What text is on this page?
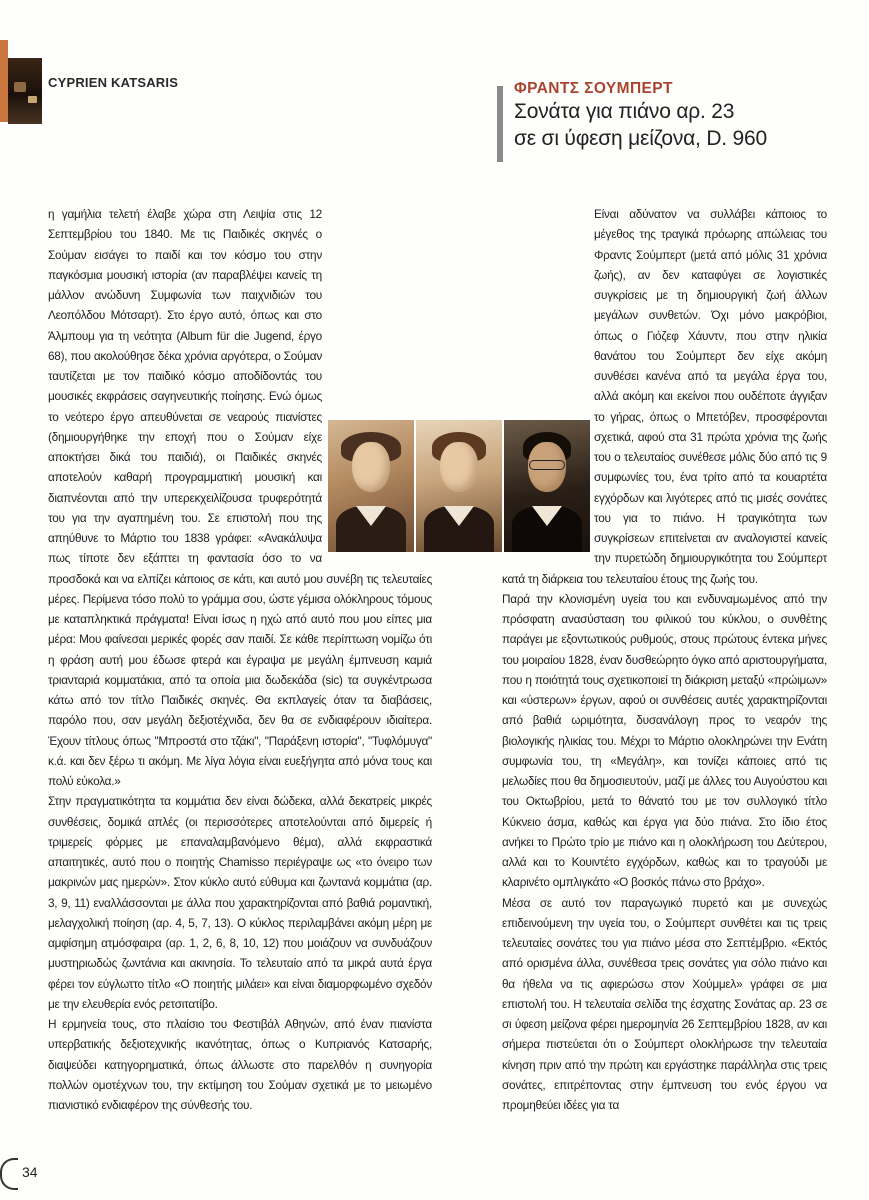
CYPRIEN KATSARIS	ΦΡΑΝΤΣ ΣΟΥΜΠΕΡΤ
Σονάτα για πιάνο αρ. 23
σε σι ύφεση μείζονα, D. 960

η γαμήλια τελετή έλαβε χώρα στη Λειψία στις 12 Σεπτεμβρίου του 1840. Με τις Παιδικές σκηνές ο Σούμαν εισάγει το παιδί και τον κόσμο του στην παγκόσμια μουσική ιστορία (αν παραβλέψει κανείς τη μάλλον ανώδυνη Συμφωνία των παιχνιδιών του Λεοπόλδου Μότσαρτ). Στο έργο αυτό, όπως και στο Άλμπουμ για τη νεότητα (Album für die Jugend, έργο 68), που ακολούθησε δέκα χρόνια αργότερα, ο Σούμαν ταυτίζεται με τον παιδικό κόσμο αποδίδοντάς του μουσικές εκφράσεις σαγηνευτικής ποίησης. Ενώ όμως το νεότερο έργο απευθύνεται σε νεαρούς πιανίστες (δημιουργήθηκε την εποχή που ο Σούμαν είχε αποκτήσει δικά του παιδιά), οι Παιδικές σκηνές αποτελούν καθαρή προγραμματική μουσική και διαπνέονται από την υπερεκχειλίζουσα τρυφερότητά του για την αγαπημένη του. Σε επιστολή που της απηύθυνε το Μάρτιο του 1838 γράφει: «Ανακάλυψα πως τίποτε δεν εξάπτει τη φαντασία όσο το να προσδοκά και να ελπίζει κάποιος σε κάτι, και αυτό μου συνέβη τις τελευταίες μέρες. Περίμενα τόσο πολύ το γράμμα σου, ώστε γέμισα ολόκληρους τόμους με καταπληκτικά πράγματα! Είναι ίσως η ηχώ από αυτό που μου είπες μια μέρα: Μου φαίνεσαι μερικές φορές σαν παιδί. Σε κάθε περίπτωση νομίζω ότι η φράση αυτή μου έδωσε φτερά και έγραψα με μεγάλη έμπνευση καμιά τριανταριά κομματάκια, από τα οποία μια δωδεκάδα (sic) τα συγκέντρωσα κάτω από τον τίτλο Παιδικές σκηνές. Θα εκπλαγείς όταν τα διαβάσεις, παρόλο που, σαν μεγάλη δεξιοτέχνιδα, δεν θα σε ενδιαφέρουν ιδιαίτερα. Έχουν τίτλους όπως "Μπροστά στο τζάκι", "Παράξενη ιστορία", "Τυφλόμυγα" κ.ά. και δεν ξέρω τι ακόμη. Με λίγα λόγια είναι ευεξήγητα από μόνα τους και πολύ εύκολα.»

Στην πραγματικότητα τα κομμάτια δεν είναι δώδεκα, αλλά δεκατρείς μικρές συνθέσεις, δομικά απλές (οι περισσότερες αποτελούνται από διμερείς ή τριμερείς φόρμες με επαναλαμβανόμενο θέμα), αλλά εκφραστικά απαιτητικές, αυτό που ο ποιητής Chamisso περιέγραψε ως «το όνειρο των μακρινών μας ημερών». Στον κύκλο αυτό εύθυμα και ζωντανά κομμάτια (αρ. 3, 9, 11) εναλλάσσονται με άλλα που χαρακτηρίζονται από βαθιά ρομαντική, μελαγχολική ποίηση (αρ. 4, 5, 7, 13). Ο κύκλος περιλαμβάνει ακόμη μέρη με αμφίσημη ατμόσφαιρα (αρ. 1, 2, 6, 8, 10, 12) που μοιάζουν να συνδυάζουν μυστηριωδώς ζωντάνια και ακινησία. Το τελευταίο από τα μικρά αυτά έργα φέρει τον εύγλωττο τίτλο «Ο ποιητής μιλάει» και είναι διαμορφωμένο σχεδόν με την ελευθερία ενός ρετσιτατίβο.

Η ερμηνεία τους, στο πλαίσιο του Φεστιβάλ Αθηνών, από έναν πιανίστα υπερβατικής δεξιοτεχνικής ικανότητας, όπως ο Κυπριανός Κατσαρής, διαψεύδει κατηγορηματικά, όπως άλλωστε στο παρελθόν η συνηγορία πολλών ομοτέχνων του, την εκτίμηση του Σούμαν σχετικά με το μειωμένο πιανιστικό ενδιαφέρον της σύνθεσής του.

Είναι αδύνατον να συλλάβει κάποιος το μέγεθος της τραγικά πρόωρης απώλειας του Φραντς Σούμπερτ (μετά από μόλις 31 χρόνια ζωής), αν δεν καταφύγει σε λογιστικές συγκρίσεις με τη δημιουργική ζωή άλλων μεγάλων συνθετών. Όχι μόνο μακρόβιοι, όπως ο Γιόζεφ Χάυντν, που στην ηλικία θανάτου του Σούμπερτ δεν είχε ακόμη συνθέσει κανένα από τα μεγάλα έργα του, αλλά ακόμη και εκείνοι που ουδέποτε άγγιξαν το γήρας, όπως ο Μπετόβεν, προσφέρονται σχετικά, αφού στα 31 πρώτα χρόνια της ζωής του ο τελευταίος συνέθεσε μόλις δύο από τις 9 συμφωνίες του, ένα τρίτο από τα κουαρτέτα εγχόρδων και λιγότερες από τις μισές σονάτες του για το πιάνο. Η τραγικότητα των συγκρίσεων επιτείνεται αν αναλογιστεί κανείς την πυρετώδη δημιουργικότητα του Σούμπερτ κατά τη διάρκεια του τελευταίου έτους της ζωής του.

Παρά την κλονισμένη υγεία του και ενδυναμωμένος από την πρόσφατη ανασύσταση του φιλικού του κύκλου, ο συνθέτης παράγει με εξοντωτικούς ρυθμούς, στους πρώτους έντεκα μήνες του μοιραίου 1828, έναν δυσθεώρητο όγκο από αριστουργήματα, που η ποιότητά τους σχετικοποιεί τη διάκριση μεταξύ «πρώιμων» και «ύστερων» έργων, αφού οι συνθέσεις αυτές χαρακτηρίζονται από βαθιά ωριμότητα, δυσανάλογη προς το νεαρόν της βιολογικής ηλικίας του. Μέχρι το Μάρτιο ολοκληρώνει την Ενάτη συμφωνία του, τη «Μεγάλη», και τονίζει κάποιες από τις μελωδίες που θα δημοσιευτούν, μαζί με άλλες του Αυγούστου και του Οκτωβρίου, μετά το θάνατό του με τον συλλογικό τίτλο Κύκνειο άσμα, καθώς και έργα για δύο πιάνα. Στο ίδιο έτος ανήκει το Πρώτο τρίο με πιάνο και η ολοκλήρωση του Δεύτερου, αλλά και το Κουιντέτο εγχόρδων, καθώς και το τραγούδι με κλαρινέτο ομπλιγκάτο «Ο βοσκός πάνω στο βράχο».

Μέσα σε αυτό τον παραγωγικό πυρετό και με συνεχώς επιδεινούμενη την υγεία του, ο Σούμπερτ συνθέτει και τις τρεις τελευταίες σονάτες του για πιάνο μέσα στο Σεπτέμβριο. «Εκτός από ορισμένα άλλα, συνέθεσα τρεις σονάτες για σόλο πιάνο και θα ήθελα να τις αφιερώσω στον Χούμμελ» γράφει σε μια επιστολή του. Η τελευταία σελίδα της έσχατης Σονάτας αρ. 23 σε σι ύφεση μείζονα φέρει ημερομηνία 26 Σεπτεμβρίου 1828, αν και σήμερα πιστεύεται ότι ο Σούμπερτ ολοκλήρωσε την τελευταία κίνηση πριν από την πρώτη και εργάστηκε παράλληλα στις τρεις σονάτες, επιτρέποντας στην έμπνευση του ενός έργου να προμηθεύει ιδέες για τα

34
